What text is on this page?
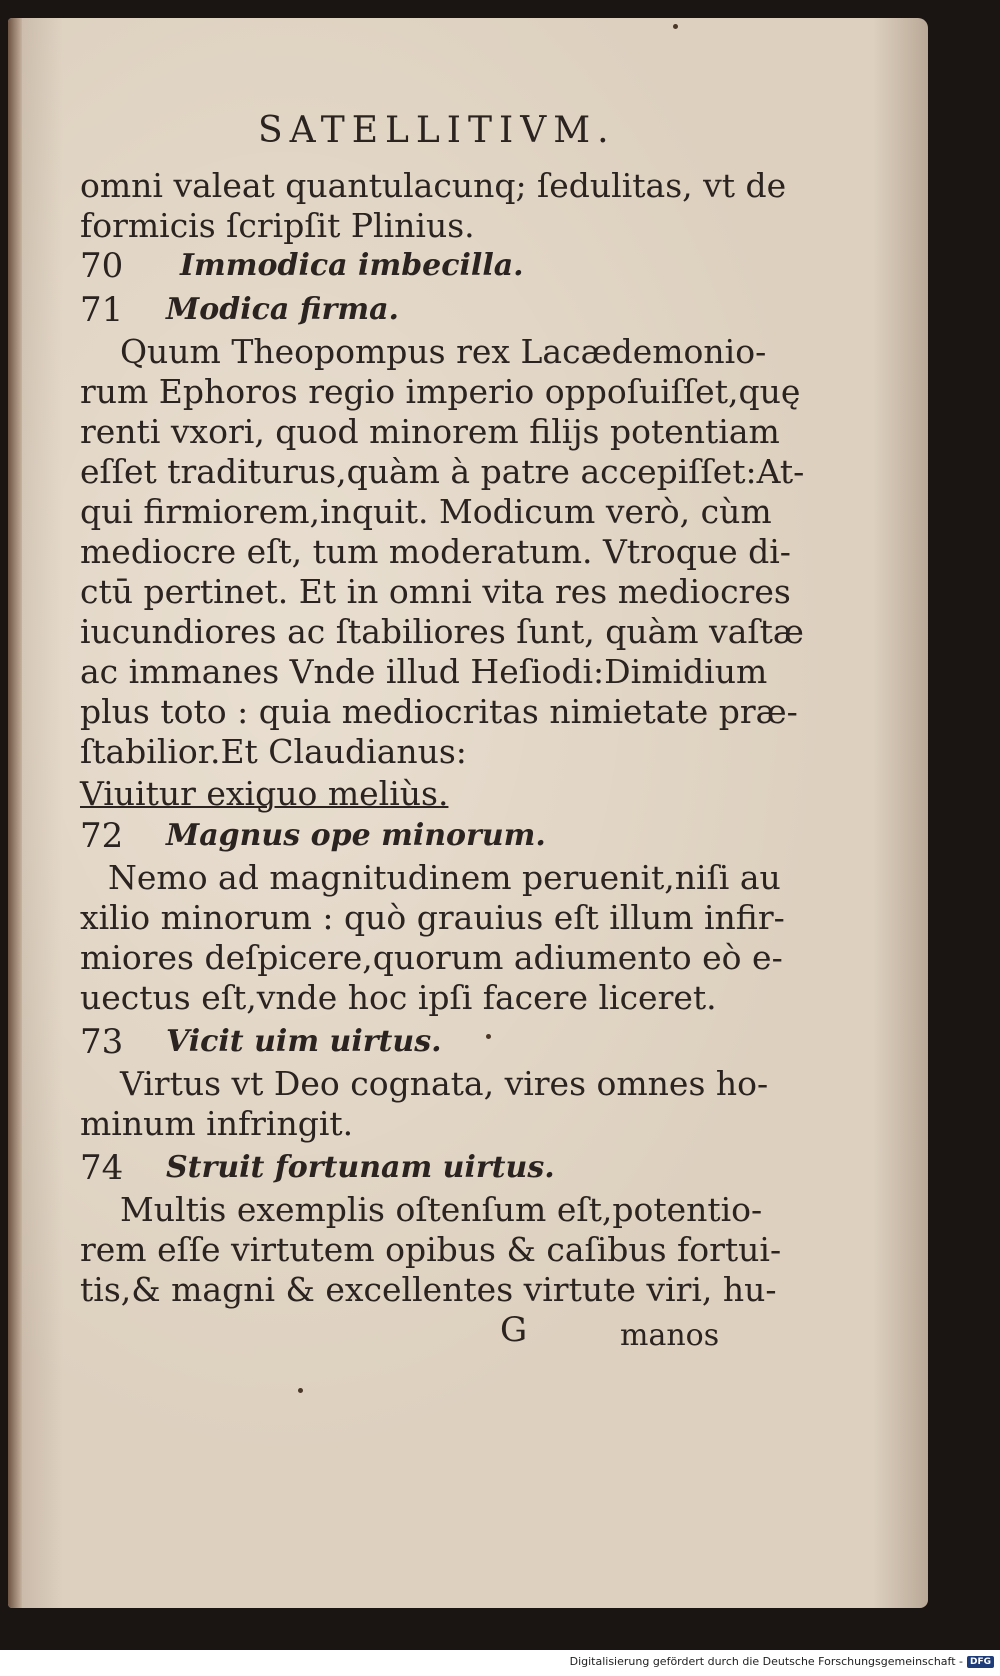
SATELLITIVM.
omni valeat quantulacunq; ſedulitas, vt de
formicis ſcripſit Plinius.
70 Immodica imbecilla.
71 Modica firma.
Quum Theopompus rex Lacædemonio-
rum Ephoros regio imperio oppoſuiſſet,quę
renti vxori, quod minorem filijs potentiam
eſſet traditurus,quàm à patre accepiſſet:At-
qui firmiorem,inquit. Modicum verò, cùm
mediocre eſt, tum moderatum. Vtroque di-
ctū pertinet. Et in omni vita res mediocres
iucundiores ac ſtabiliores ſunt, quàm vaſtæ
ac immanes Vnde illud Heſiodi:Dimidium
plus toto : quia mediocritas nimietate præ-
ſtabilior.Et Claudianus:
Viuitur exiguo meliùs.
72 Magnus ope minorum.
Nemo ad magnitudinem peruenit,niſi au
xilio minorum : quò grauius eſt illum infir-
miores deſpicere,quorum adiumento eò e-
uectus eſt,vnde hoc ipſi facere liceret.
73 Vicit uim uirtus.
Virtus vt Deo cognata, vires omnes ho-
minum infringit.
74 Struit fortunam uirtus.
Multis exemplis oſtenſum eſt,potentio-
rem eſſe virtutem opibus & caſibus fortui-
tis,& magni & excellentes virtute viri, hu-
G	manos
Digitalisierung gefördert durch die Deutsche Forschungsgemeinschaft - DFG
